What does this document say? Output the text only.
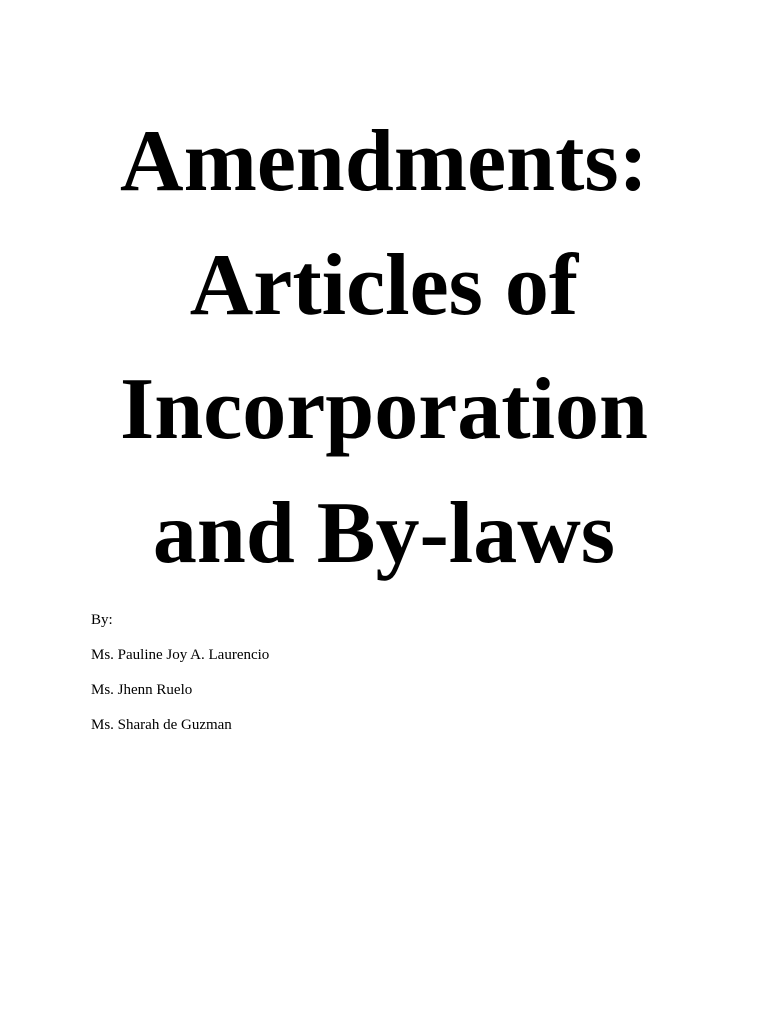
Amendments:
Articles of
Incorporation
and By-laws
By:
Ms. Pauline Joy A. Laurencio
Ms. Jhenn Ruelo
Ms. Sharah de Guzman
